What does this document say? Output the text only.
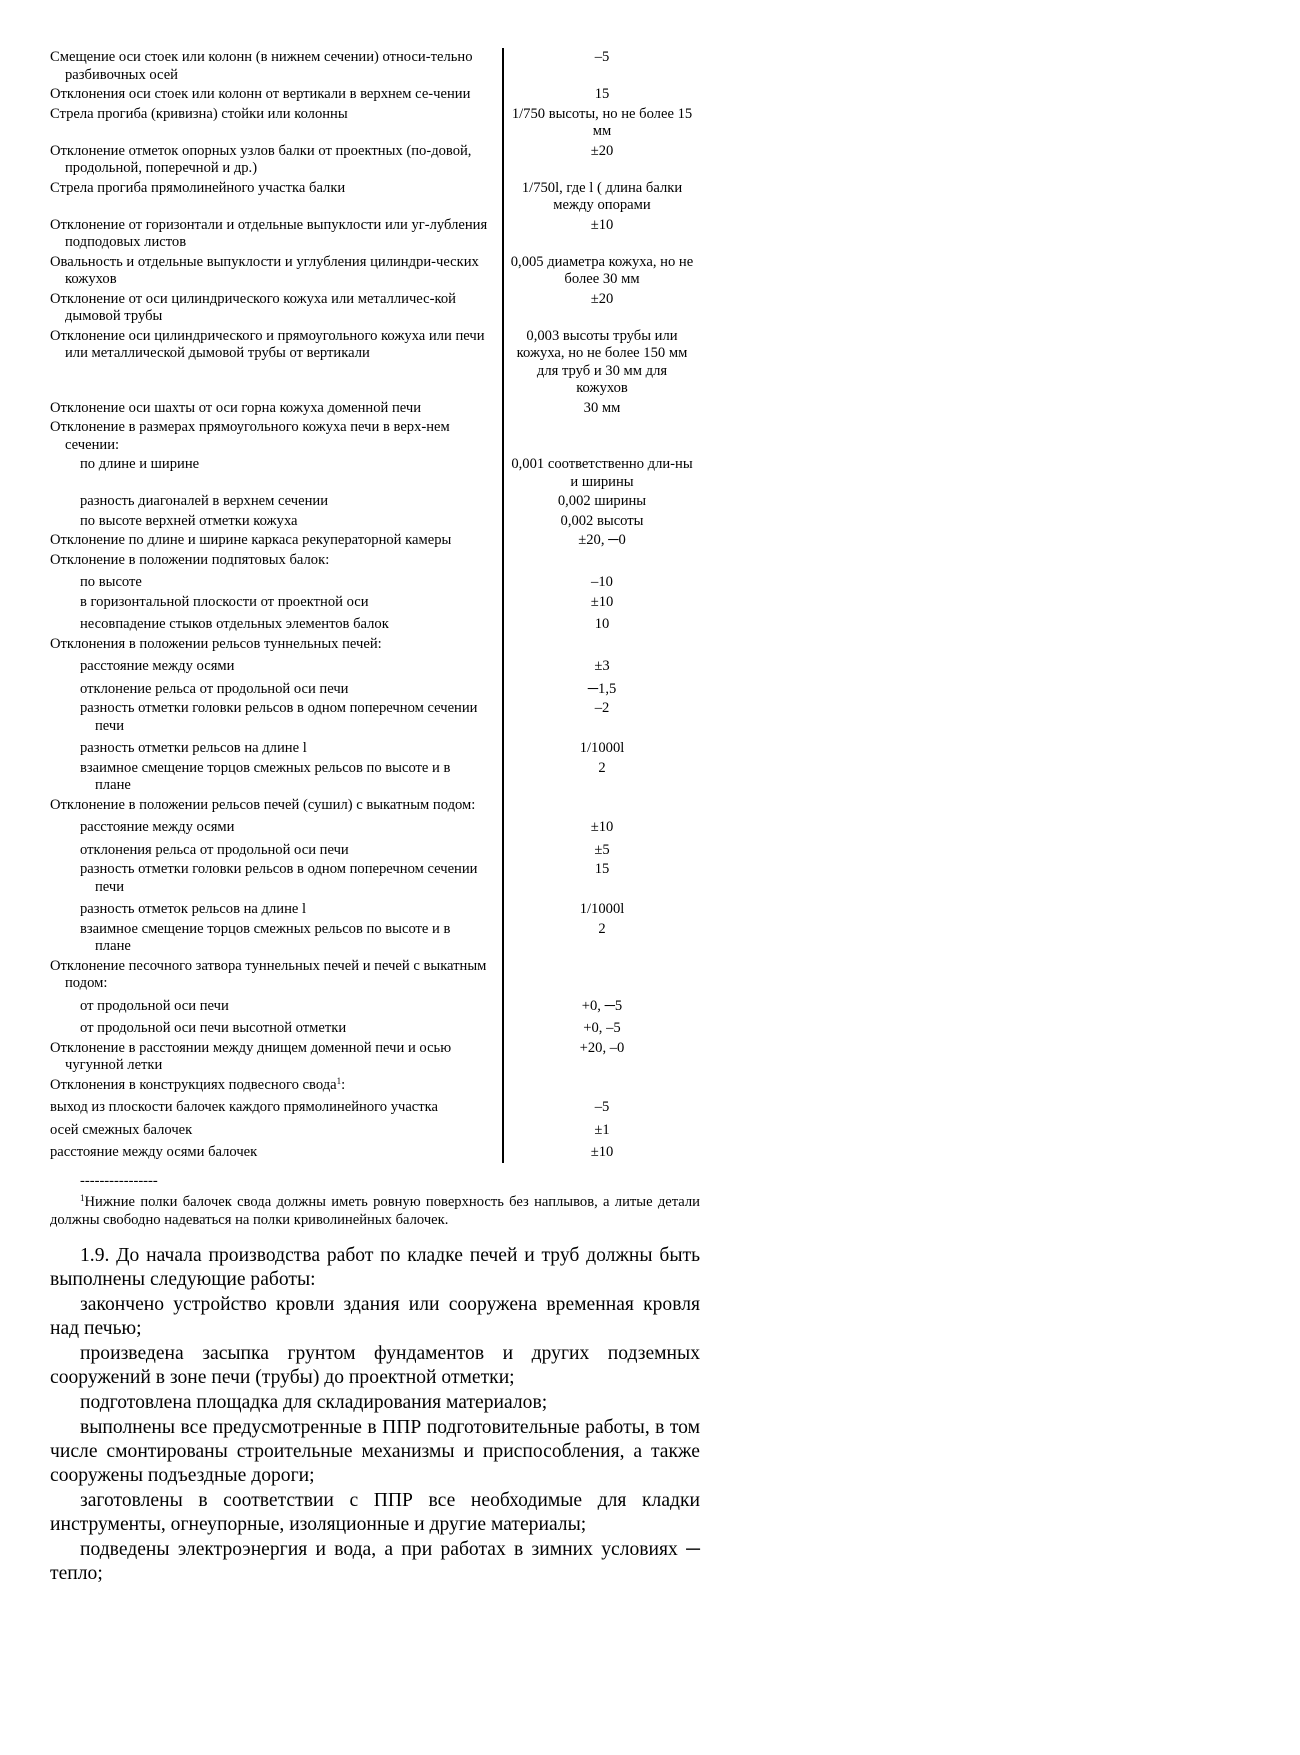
Смещение оси стоек или колонн (в нижнем сечении) относи-тельно разбивочных осей	–5

Отклонения оси стоек или колонн от вертикали в верхнем се-чении	15

Стрела прогиба (кривизна) стойки или колонны	1/750 высоты, но не более 15 мм

Отклонение отметок опорных узлов балки от проектных (по-довой, продольной, поперечной и др.)	±20

Стрела прогиба прямолинейного участка балки	1/750l, где l ( длина балки между опорами

Отклонение от горизонтали и отдельные выпуклости или уг-лубления подподовых листов	±10

Овальность и отдельные выпуклости и углубления цилиндри-ческих кожухов	0,005 диаметра кожуха, но не более 30 мм

Отклонение от оси цилиндрического кожуха или металличес-кой дымовой трубы	±20

Отклонение оси цилиндрического и прямоугольного кожуха или печи или металлической дымовой трубы от вертикали	0,003 высоты трубы или кожуха, но не более 150 мм для труб и 30 мм для кожухов

Отклонение оси шахты от оси горна кожуха доменной печи	30 мм

Отклонение в размерах прямоугольного кожуха печи в верх-нем сечении:	

по длине и ширине	0,001 соответственно дли-ны и ширины

разность диагоналей в верхнем сечении	0,002 ширины

по высоте верхней отметки кожуха	0,002 высоты

Отклонение по длине и ширине каркаса рекуператорной камеры	±20, ─0

Отклонение в положении подпятовых балок:	

по высоте	–10

в горизонтальной плоскости от проектной оси	±10

несовпадение стыков отдельных элементов балок	10

Отклонения в положении рельсов туннельных печей:	

расстояние между осями	±3

отклонение рельса от продольной оси печи	─1,5

разность отметки головки рельсов в одном поперечном сечении печи	–2

разность отметки рельсов на длине l	1/1000l

взаимное смещение торцов смежных рельсов по высоте и в плане	2

Отклонение в положении рельсов печей (сушил) с выкатным подом:	

расстояние между осями	±10

отклонения рельса от продольной оси печи	±5

разность отметки головки рельсов в одном поперечном сечении печи	15

разность отметок рельсов на длине l	1/1000l

взаимное смещение торцов смежных рельсов по высоте и в плане	2

Отклонение песочного затвора туннельных печей и печей с выкатным подом:	

от продольной оси печи	+0, ─5

от продольной оси печи высотной отметки	+0, –5

Отклонение в расстоянии между днищем доменной печи и осью чугунной летки	+20, –0

Отклонения в конструкциях подвесного свода$^1$:	

выход из плоскости балочек каждого прямолинейного участка	–5

осей смежных балочек	±1

расстояние между осями балочек	±10
----------------

$^1$Нижние полки балочек свода должны иметь ровную поверхность без наплывов, а литые детали должны свободно надеваться на полки криволинейных балочек.

1.9. До начала производства работ по кладке печей и труб должны быть выполнены следующие работы:

закончено устройство кровли здания или сооружена временная кровля над печью;

произведена засыпка грунтом фундаментов и других подземных сооружений в зоне печи (трубы) до проектной отметки;

подготовлена площадка для складирования материалов;

выполнены все предусмотренные в ППР подготовительные работы, в том числе смонтированы строительные механизмы и приспособления, а также сооружены подъездные дороги;

заготовлены в соответствии с ППР все необходимые для кладки инструменты, огнеупорные, изоляционные и другие материалы;

подведены электроэнергия и вода, а при работах в зимних условиях ─ тепло;
